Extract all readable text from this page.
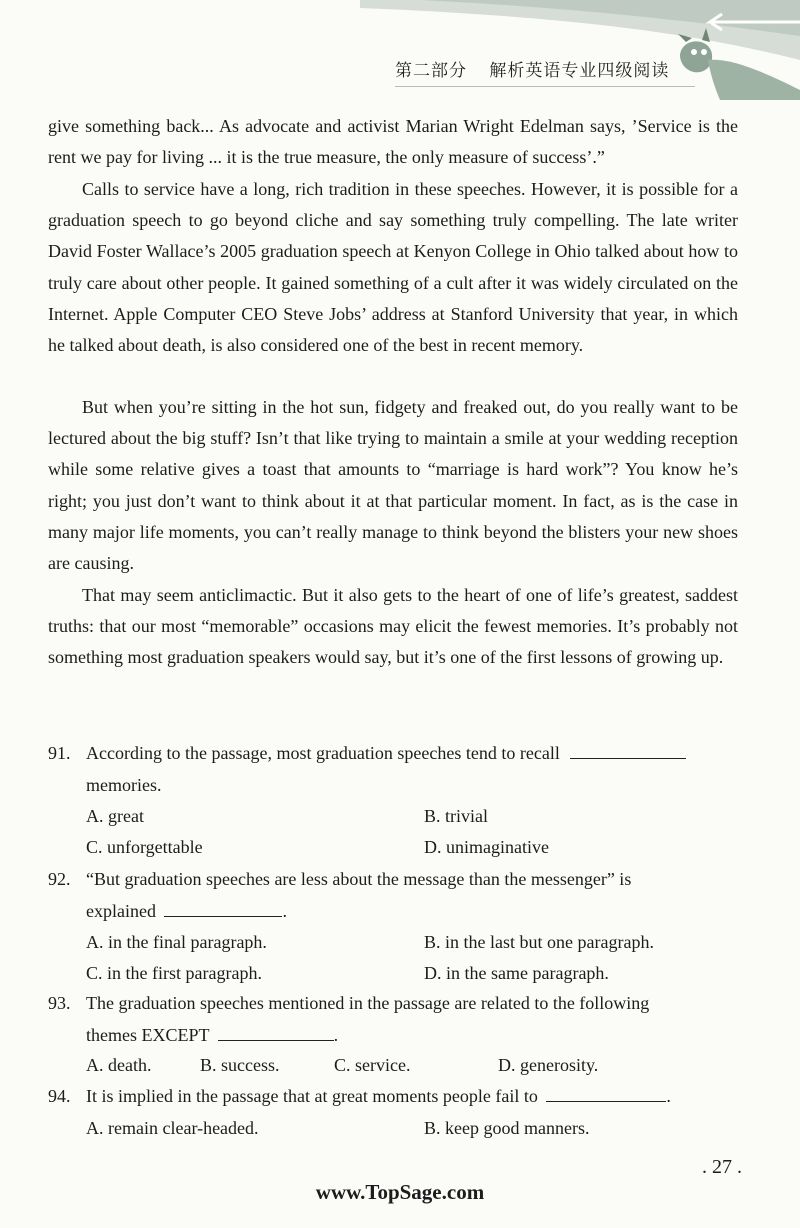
第二部分 解析英语专业四级阅读

give something back... As advocate and activist Marian Wright Edelman says, ’Service is the rent we pay for living ... it is the true measure, the only measure of success’.”

Calls to service have a long, rich tradition in these speeches. However, it is possible for a graduation speech to go beyond cliche and say something truly compelling. The late writer David Foster Wallace’s 2005 graduation speech at Kenyon College in Ohio talked about how to truly care about other people. It gained something of a cult after it was widely circulated on the Internet. Apple Computer CEO Steve Jobs’ address at Stanford University that year, in which he talked about death, is also considered one of the best in recent memory.

But when you’re sitting in the hot sun, fidgety and freaked out, do you really want to be lectured about the big stuff? Isn’t that like trying to maintain a smile at your wedding reception while some relative gives a toast that amounts to “marriage is hard work”? You know he’s right; you just don’t want to think about it at that particular moment. In fact, as is the case in many major life moments, you can’t really manage to think beyond the blisters your new shoes are causing.

That may seem anticlimactic. But it also gets to the heart of one of life’s greatest, saddest truths: that our most “memorable” occasions may elicit the fewest memories. It’s probably not something most graduation speakers would say, but it’s one of the first lessons of growing up.

91. According to the passage, most graduation speeches tend to recall
memories.
A. great	B. trivial
C. unforgettable	D. unimaginative
92. “But graduation speeches are less about the message than the messenger” is
explained	.
A. in the final paragraph.	B. in the last but one paragraph.
C. in the first paragraph.	D. in the same paragraph.
93. The graduation speeches mentioned in the passage are related to the following
themes EXCEPT	.
A. death.	B. success.	C. service.	D. generosity.
94. It is implied in the passage that at great moments people fail to	.
A. remain clear-headed.	B. keep good manners.
. 27 .
www.TopSage.com
